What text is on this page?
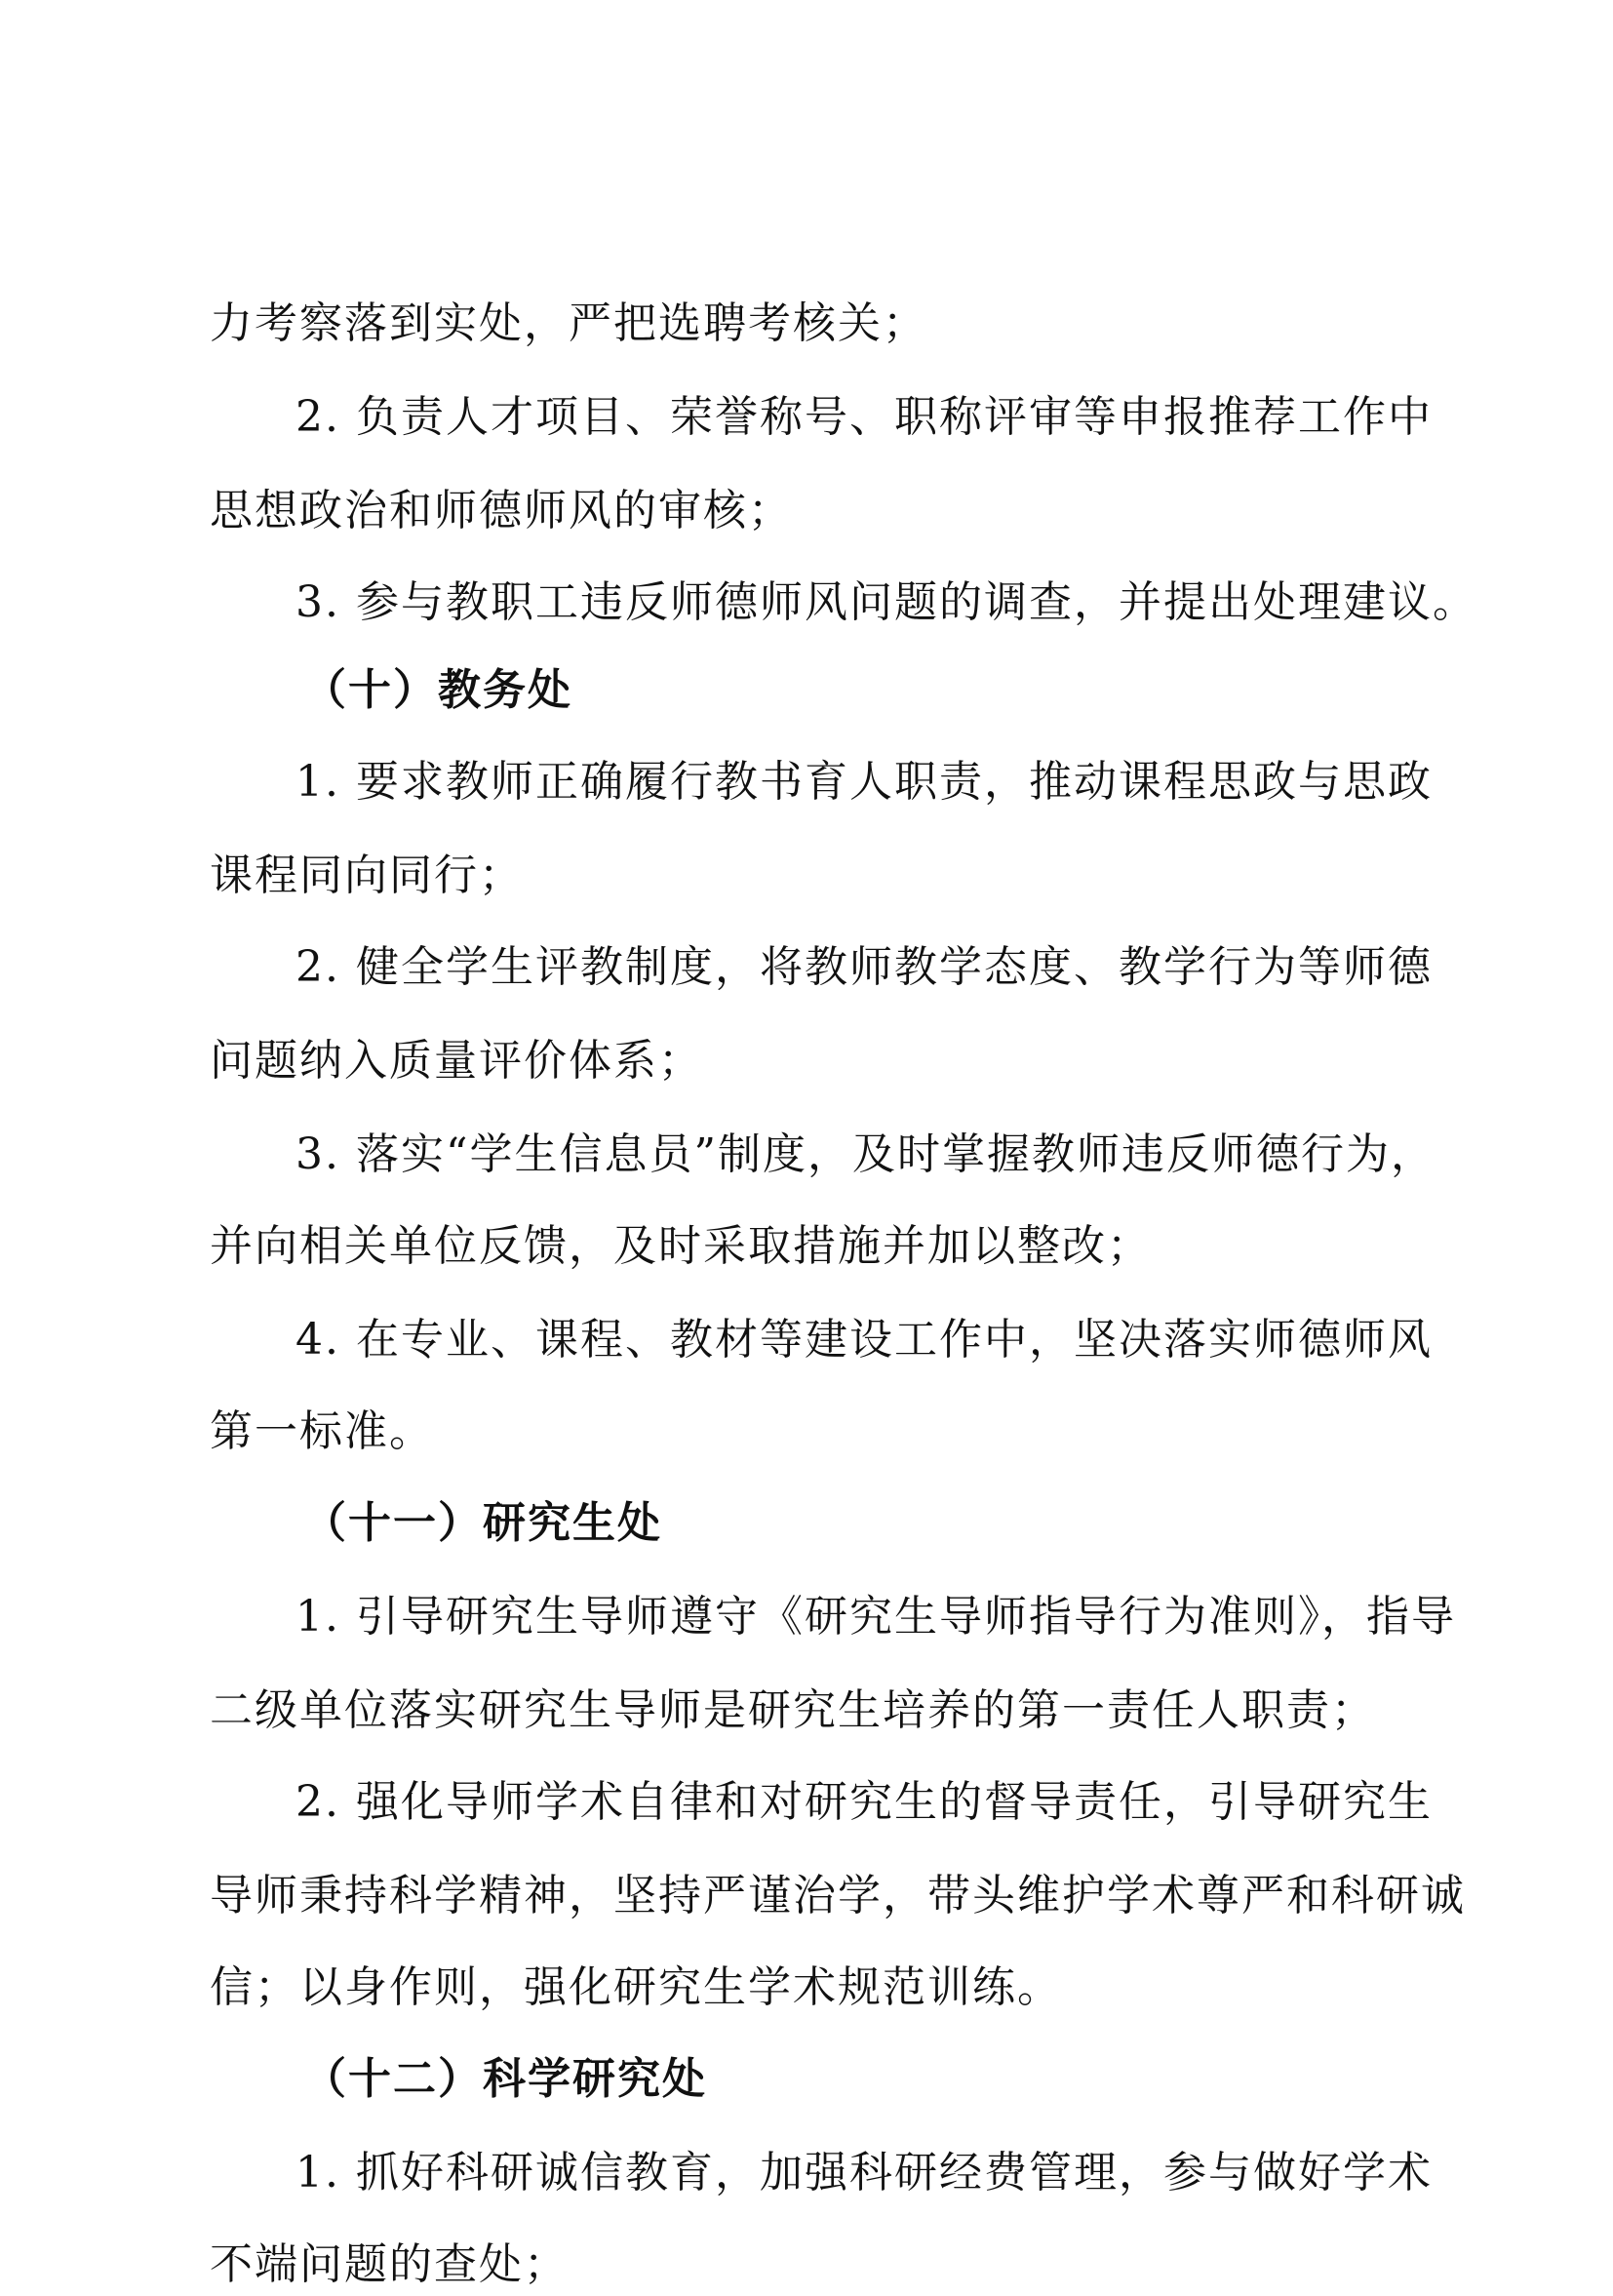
力考察落到实处，严把选聘考核关；
2. 负责人才项目、荣誉称号、职称评审等申报推荐工作中
思想政治和师德师风的审核；
3. 参与教职工违反师德师风问题的调查，并提出处理建议。
（十）教务处
1. 要求教师正确履行教书育人职责，推动课程思政与思政
课程同向同行；
2. 健全学生评教制度，将教师教学态度、教学行为等师德
问题纳入质量评价体系；
3. 落实“学生信息员”制度，及时掌握教师违反师德行为，
并向相关单位反馈，及时采取措施并加以整改；
4. 在专业、课程、教材等建设工作中，坚决落实师德师风
第一标准。
（十一）研究生处
1. 引导研究生导师遵守《研究生导师指导行为准则》，指导
二级单位落实研究生导师是研究生培养的第一责任人职责；
2. 强化导师学术自律和对研究生的督导责任，引导研究生
导师秉持科学精神，坚持严谨治学，带头维护学术尊严和科研诚
信；以身作则，强化研究生学术规范训练。
（十二）科学研究处
1. 抓好科研诚信教育，加强科研经费管理，参与做好学术
不端问题的查处；
